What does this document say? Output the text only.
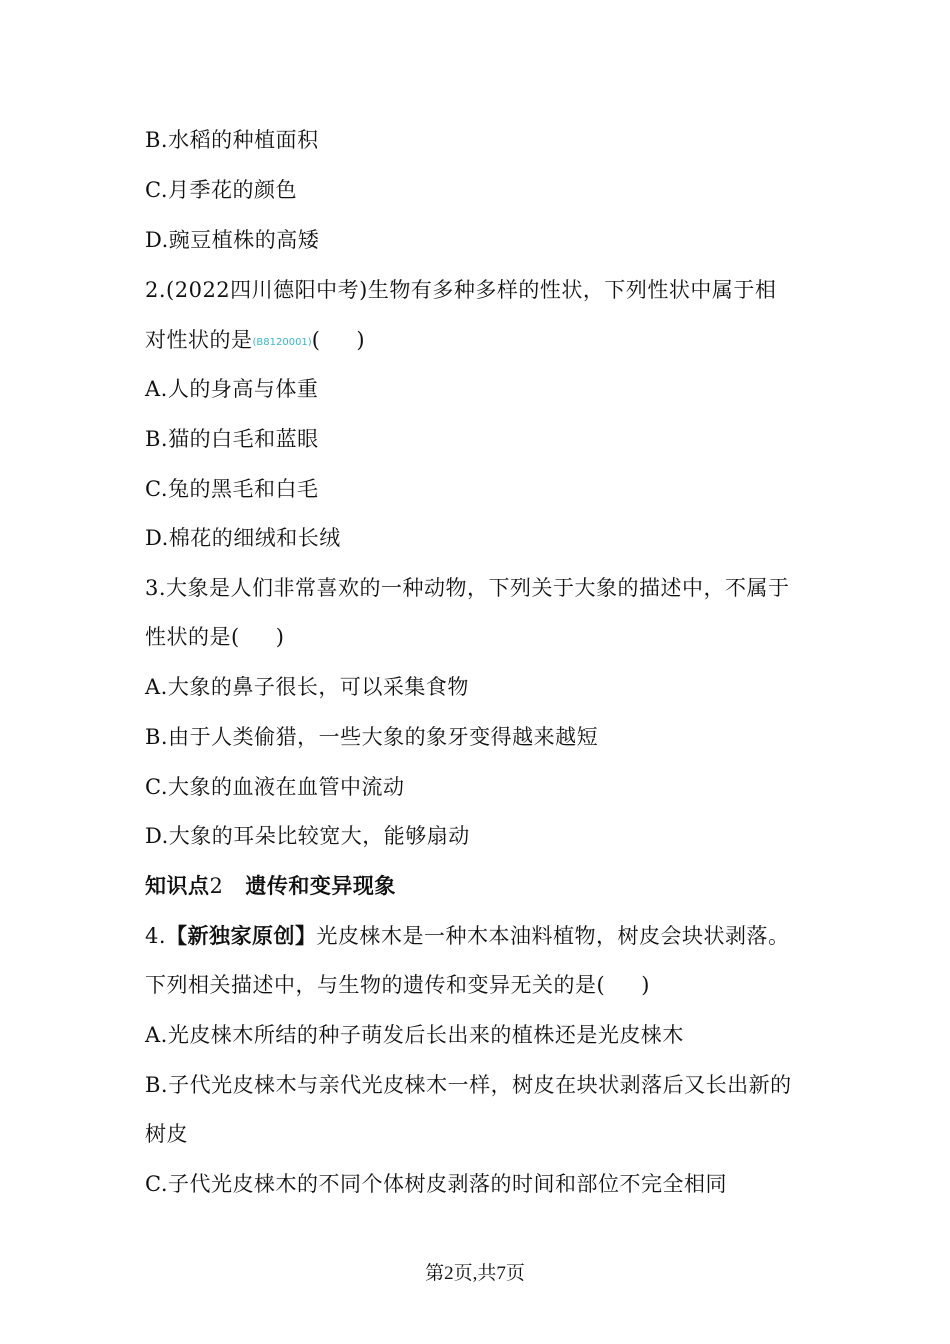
B.水稻的种植面积
C.月季花的颜色
D.豌豆植株的高矮
2.(2022四川德阳中考)生物有多种多样的性状，下列性状中属于相
对性状的是(B8120001)( )
A.人的身高与体重
B.猫的白毛和蓝眼
C.兔的黑毛和白毛
D.棉花的细绒和长绒
3.大象是人们非常喜欢的一种动物，下列关于大象的描述中，不属于
性状的是( )
A.大象的鼻子很长，可以采集食物
B.由于人类偷猎，一些大象的象牙变得越来越短
C.大象的血液在血管中流动
D.大象的耳朵比较宽大，能够扇动
知识点2 遗传和变异现象
4.【新独家原创】光皮梾木是一种木本油料植物，树皮会块状剥落。
下列相关描述中，与生物的遗传和变异无关的是( )
A.光皮梾木所结的种子萌发后长出来的植株还是光皮梾木
B.子代光皮梾木与亲代光皮梾木一样，树皮在块状剥落后又长出新的
树皮
C.子代光皮梾木的不同个体树皮剥落的时间和部位不完全相同
第2页,共7页
